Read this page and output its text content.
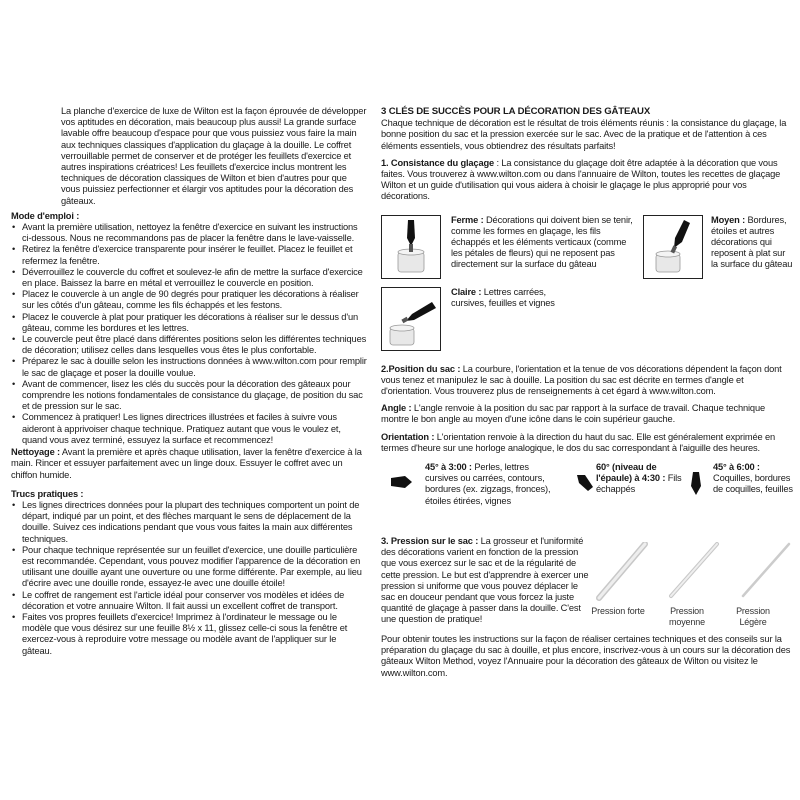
La planche d'exercice de luxe de Wilton est la façon éprouvée de développer vos aptitudes en décoration, mais beaucoup plus aussi! La grande surface lavable offre beaucoup d'espace pour que vous puissiez vous faire la main aux techniques classiques d'application du glaçage à la douille. Le coffret verrouillable permet de conserver et de protéger les feuillets d'exercice et autres inspirations créatrices! Les feuillets d'exercice inclus montrent les techniques de décoration classiques de Wilton et bien d'autres pour que vous puissiez perfectionner et élargir vos aptitudes pour la décoration des gâteaux.

Mode d'emploi :

• Avant la première utilisation, nettoyez la fenêtre d'exercice en suivant les instructions ci-dessous. Nous ne recommandons pas de placer la fenêtre dans le lave-vaisselle.
• Retirez la fenêtre d'exercice transparente pour insérer le feuillet. Placez le feuillet et refermez la fenêtre.
• Déverrouillez le couvercle du coffret et soulevez-le afin de mettre la surface d'exercice en place. Baissez la barre en métal et verrouillez le couvercle en position.
• Placez le couvercle à un angle de 90 degrés pour pratiquer les décorations à réaliser sur les côtés d'un gâteau, comme les fils échappés et les festons.
• Placez le couvercle à plat pour pratiquer les décorations à réaliser sur le dessus d'un gâteau, comme les bordures et les lettres.
• Le couvercle peut être placé dans différentes positions selon les différentes techniques de décoration; utilisez celles dans lesquelles vous êtes le plus confortable.
• Préparez le sac à douille selon les instructions données à www.wilton.com pour remplir le sac de glaçage et poser la douille voulue.
• Avant de commencer, lisez les clés du succès pour la décoration des gâteaux pour comprendre les notions fondamentales de consistance du glaçage, de position du sac et de pression sur le sac.
• Commencez à pratiquer! Les lignes directrices illustrées et faciles à suivre vous aideront à apprivoiser chaque technique. Pratiquez autant que vous le voulez et, quand vous avez terminé, essuyez la surface et recommencez!

Nettoyage : Avant la première et après chaque utilisation, laver la fenêtre d'exercice à la main. Rincer et essuyer parfaitement avec un linge doux. Essuyer le coffret avec un chiffon humide.

Trucs pratiques :

• Les lignes directrices données pour la plupart des techniques comportent un point de départ, indiqué par un point, et des flèches marquant le sens de déplacement de la douille. Suivez ces indications pendant que vous vous faites la main aux différentes techniques.
• Pour chaque technique représentée sur un feuillet d'exercice, une douille particulière est recommandée. Cependant, vous pouvez modifier l'apparence de la décoration en utilisant une douille ayant une ouverture ou une forme différente. Par exemple, au lieu d'écrire avec une douille ronde, essayez-le avec une douille étoile!
• Le coffret de rangement est l'article idéal pour conserver vos modèles et idées de décoration et votre annuaire Wilton. Il fait aussi un excellent coffret de transport.
• Faites vos propres feuillets d'exercice! Imprimez à l'ordinateur le message ou le modèle que vous désirez sur une feuille 8½ x 11, glissez celle-ci sous la fenêtre et exercez-vous à reproduire votre message ou modèle avant de l'appliquer sur le gâteau.

3 CLÉS DE SUCCÈS POUR LA DÉCORATION DES GÂTEAUX

Chaque technique de décoration est le résultat de trois éléments réunis : la consistance du glaçage, la bonne position du sac et la pression exercée sur le sac. Avec de la pratique et de l'attention à ces éléments essentiels, vous obtiendrez des résultats parfaits!

1. Consistance du glaçage : La consistance du glaçage doit être adaptée à la décoration que vous faites. Vous trouverez à www.wilton.com ou dans l'annuaire de Wilton, toutes les recettes de glaçage Wilton et un guide d'utilisation qui vous aidera à choisir le glaçage le plus approprié pour vos décorations.

Ferme : Décorations qui doivent bien se tenir, comme les formes en glaçage, les fils échappés et les éléments verticaux (comme les pétales de fleurs) qui ne reposent pas directement sur la surface du gâteau

Moyen : Bordures, étoiles et autres décorations qui reposent à plat sur la surface du gâteau

Claire : Lettres carrées, cursives, feuilles et vignes

2.Position du sac : La courbure, l'orientation et la tenue de vos décorations dépendent la façon dont vous tenez et manipulez le sac à douille. La position du sac est décrite en termes d'angle et d'orientation. Vous trouverez plus de renseignements à cet égard à www.wilton.com.

Angle : L'angle renvoie à la position du sac par rapport à la surface de travail. Chaque technique montre le bon angle au moyen d'une icône dans le coin supérieur gauche.

Orientation : L'orientation renvoie à la direction du haut du sac. Elle est généralement exprimée en termes d'heure sur une horloge analogique, le dos du sac correspondant à l'aiguille des heures.

45° à 3:00 : Perles, lettres cursives ou carrées, contours, bordures (ex. zigzags, fronces), étoiles étirées, vignes

60° (niveau de l'épaule) à 4:30 : Fils échappés

45° à 6:00 : Coquilles, bordures de coquilles, feuilles

3. Pression sur le sac : La grosseur et l'uniformité des décorations varient en fonction de la pression que vous exercez sur le sac et de la régularité de cette pression. Le but est d'apprendre à exercer une pression si uniforme que vous pouvez déplacer le sac en douceur pendant que vous forcez la juste quantité de glaçage à passer dans la douille. C'est une question de pratique!

Pression forte	Pression moyenne
Pression Légère

Pour obtenir toutes les instructions sur la façon de réaliser certaines techniques et des conseils sur la préparation du glaçage du sac à douille, et plus encore, inscrivez-vous à un cours sur la décoration des gâteaux Wilton Method, voyez l'Annuaire pour la décoration des gâteaux de Wilton ou visitez le www.wilton.com.
